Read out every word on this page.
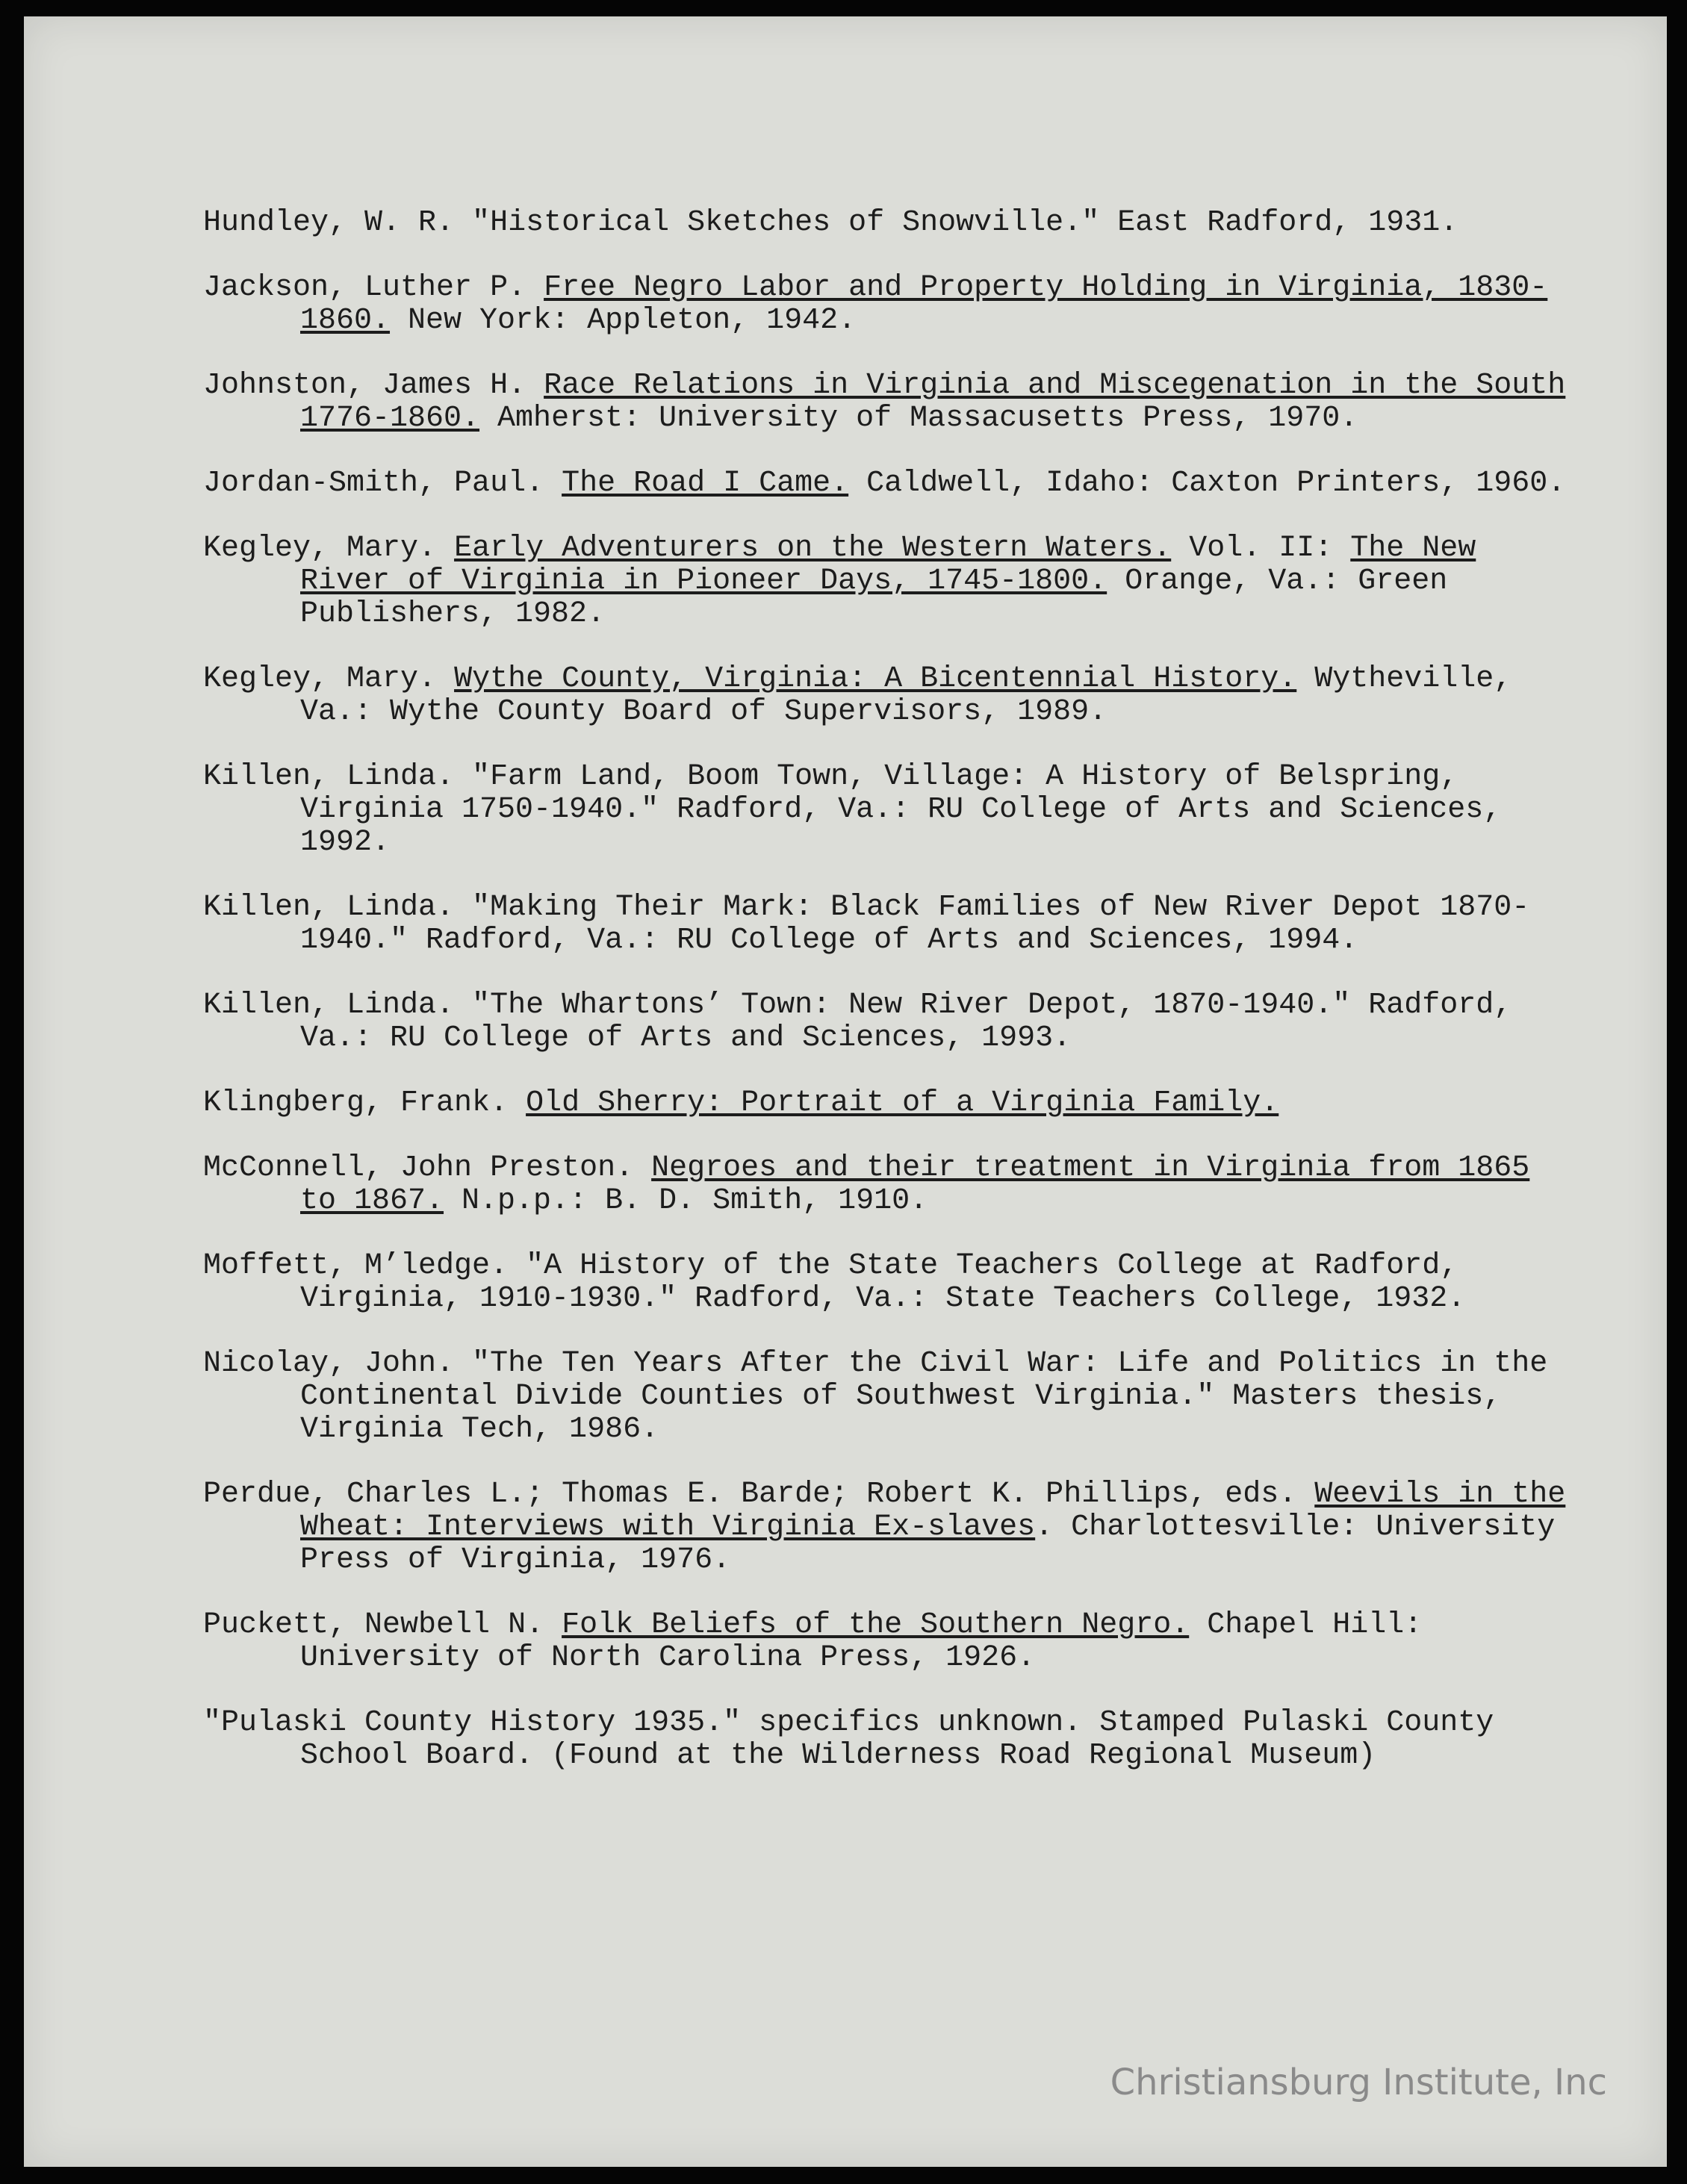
Hundley, W. R. "Historical Sketches of Snowville." East Radford, 1931.

Jackson, Luther P. Free Negro Labor and Property Holding in Virginia, 1830-1860. New York: Appleton, 1942.

Johnston, James H. Race Relations in Virginia and Miscegenation in the South 1776-1860. Amherst: University of Massacusetts Press, 1970.

Jordan-Smith, Paul. The Road I Came. Caldwell, Idaho: Caxton Printers, 1960.

Kegley, Mary. Early Adventurers on the Western Waters. Vol. II: The New River of Virginia in Pioneer Days, 1745-1800. Orange, Va.: Green Publishers, 1982.

Kegley, Mary. Wythe County, Virginia: A Bicentennial History. Wytheville, Va.: Wythe County Board of Supervisors, 1989.

Killen, Linda. "Farm Land, Boom Town, Village: A History of Belspring, Virginia 1750-1940." Radford, Va.: RU College of Arts and Sciences, 1992.

Killen, Linda. "Making Their Mark: Black Families of New River Depot 1870-1940." Radford, Va.: RU College of Arts and Sciences, 1994.

Killen, Linda. "The Whartons’ Town: New River Depot, 1870-1940." Radford, Va.: RU College of Arts and Sciences, 1993.

Klingberg, Frank. Old Sherry: Portrait of a Virginia Family.

McConnell, John Preston. Negroes and their treatment in Virginia from 1865 to 1867. N.p.p.: B. D. Smith, 1910.

Moffett, M’ledge. "A History of the State Teachers College at Radford, Virginia, 1910-1930." Radford, Va.: State Teachers College, 1932.

Nicolay, John. "The Ten Years After the Civil War: Life and Politics in the Continental Divide Counties of Southwest Virginia." Masters thesis, Virginia Tech, 1986.

Perdue, Charles L.; Thomas E. Barde; Robert K. Phillips, eds. Weevils in the Wheat: Interviews with Virginia Ex-slaves. Charlottesville: University Press of Virginia, 1976.

Puckett, Newbell N. Folk Beliefs of the Southern Negro. Chapel Hill: University of North Carolina Press, 1926.

"Pulaski County History 1935." specifics unknown. Stamped Pulaski County School Board. (Found at the Wilderness Road Regional Museum)

Christiansburg Institute, Inc
